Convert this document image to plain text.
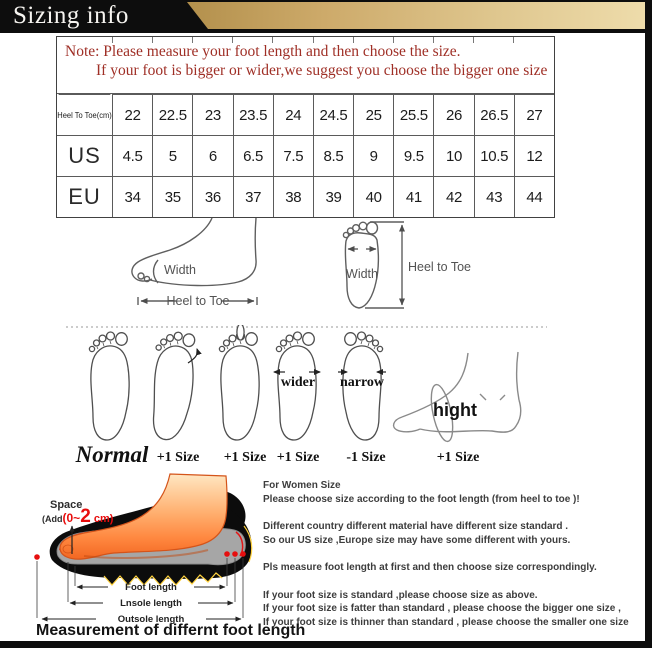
Sizing info
Note: Please measure your foot length and then choose the size.
If your foot is bigger or wider,we suggest you choose the bigger one size
Heel To Toe(cm) 22	22.5	23	23.5	24	24.5	25	25.5	26	26.5	27
US	4.5	5	6	6.5	7.5	8.5	9	9.5	10	10.5	12
EU	34	35	36	37	38	39	40	41	42	43	44
Width
Heel to Toe
Width Heel to Toe
wider narrow
hight
Normal +1 Size +1 Size +1 Size -1 Size	+1 Size
Space
(Add(0~2 cm)
Foot length
Lnsole length
Outsole length
For Women Size
Please choose size according to the foot length (from heel to toe )!
Different country different material have different size standard .
So our US size ,Europe size may have some different with yours.
Pls measure foot length at first and then choose size correspondingly.
If your foot size is standard ,please choose size as above.
If your foot size is fatter than standard , please choose the bigger one size ,
If your foot size is thinner than standard , please choose the smaller one size
Measurement of differnt foot length
